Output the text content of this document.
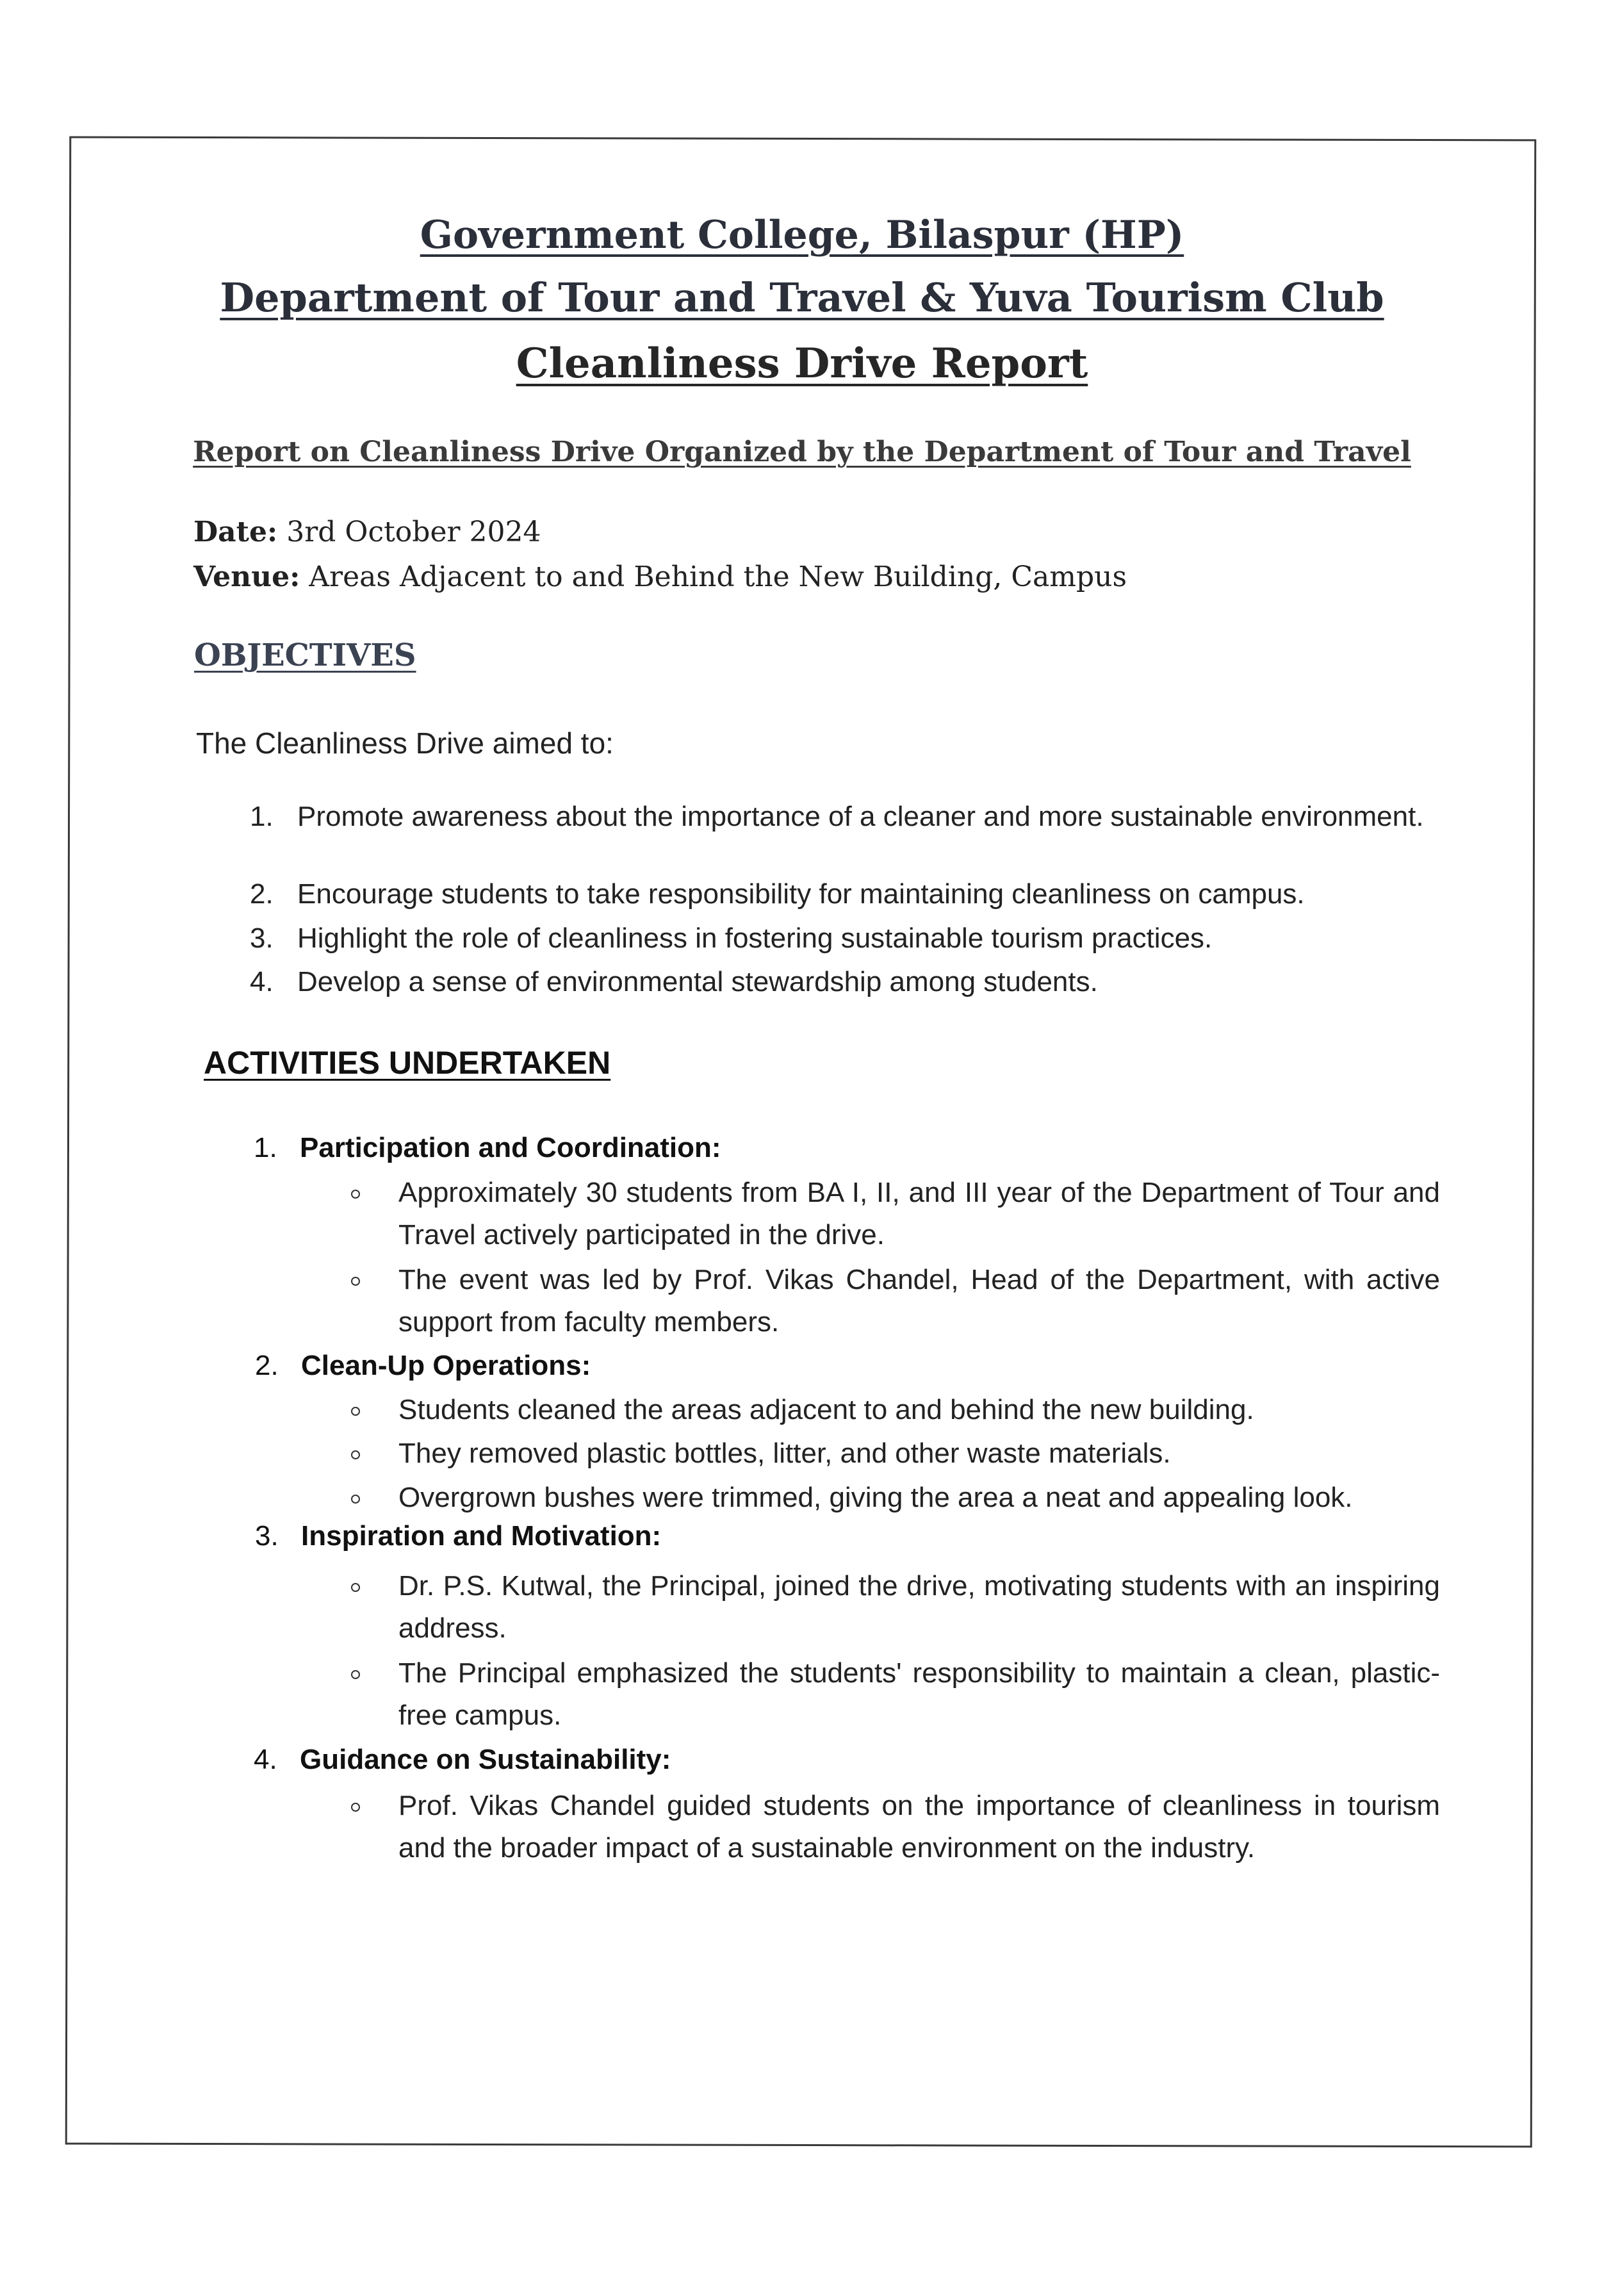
Government College, Bilaspur (HP)
Department of Tour and Travel & Yuva Tourism Club
Cleanliness Drive Report
Report on Cleanliness Drive Organized by the Department of Tour and Travel

Date: 3rd October 2024

Venue: Areas Adjacent to and Behind the New Building, Campus

OBJECTIVES

The Cleanliness Drive aimed to:

1. Promote awareness about the importance of a cleaner and more sustainable environment.
2. Encourage students to take responsibility for maintaining cleanliness on campus.
3. Highlight the role of cleanliness in fostering sustainable tourism practices.
4. Develop a sense of environmental stewardship among students.
ACTIVITIES UNDERTAKEN

1. Participation and Coordination:

Approximately 30 students from BA I, II, and III year of the Department of Tour and Travel actively participated in the drive.
The event was led by Prof. Vikas Chandel, Head of the Department, with active support from faculty members.

2. Clean-Up Operations:

Students cleaned the areas adjacent to and behind the new building.
They removed plastic bottles, litter, and other waste materials.
Overgrown bushes were trimmed, giving the area a neat and appealing look.

3. Inspiration and Motivation:

Dr. P.S. Kutwal, the Principal, joined the drive, motivating students with an inspiring address.
The Principal emphasized the students' responsibility to maintain a clean, plastic-free campus.

4. Guidance on Sustainability:

Prof. Vikas Chandel guided students on the importance of cleanliness in tourism and the broader impact of a sustainable environment on the industry.
